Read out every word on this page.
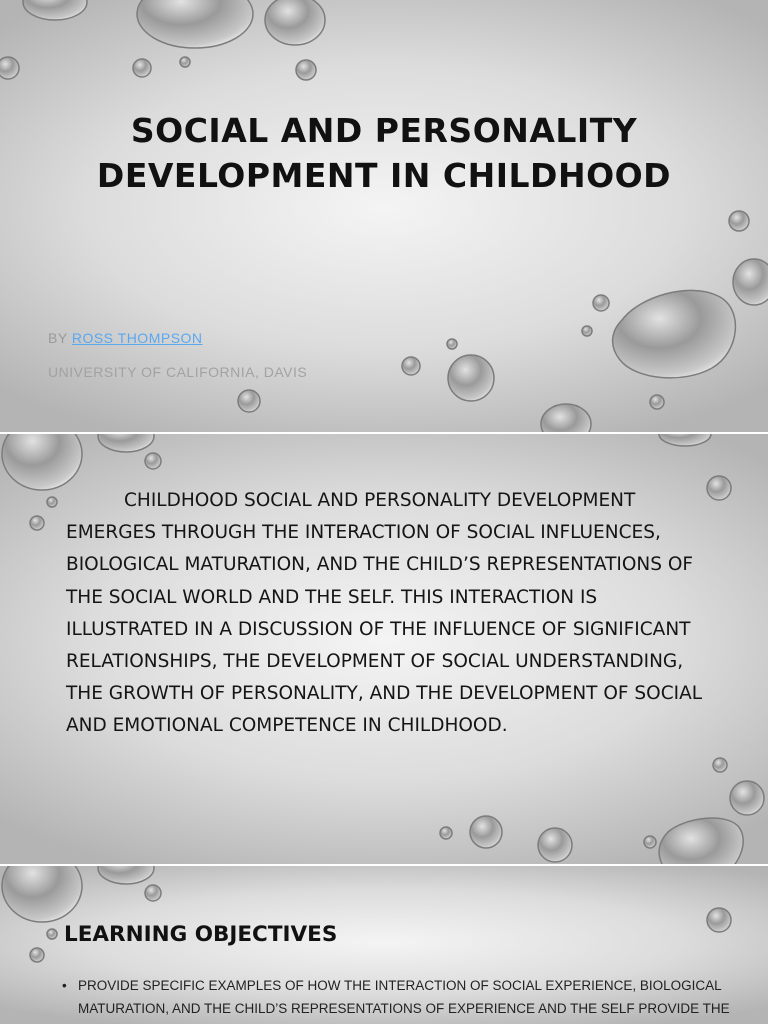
SOCIAL AND PERSONALITY DEVELOPMENT IN CHILDHOOD

BY ROSS THOMPSON

UNIVERSITY OF CALIFORNIA, DAVIS

CHILDHOOD SOCIAL AND PERSONALITY DEVELOPMENT EMERGES THROUGH THE INTERACTION OF SOCIAL INFLUENCES, BIOLOGICAL MATURATION, AND THE CHILD’S REPRESENTATIONS OF THE SOCIAL WORLD AND THE SELF. THIS INTERACTION IS ILLUSTRATED IN A DISCUSSION OF THE INFLUENCE OF SIGNIFICANT RELATIONSHIPS, THE DEVELOPMENT OF SOCIAL UNDERSTANDING, THE GROWTH OF PERSONALITY, AND THE DEVELOPMENT OF SOCIAL AND EMOTIONAL COMPETENCE IN CHILDHOOD.

LEARNING OBJECTIVES
• PROVIDE SPECIFIC EXAMPLES OF HOW THE INTERACTION OF SOCIAL EXPERIENCE, BIOLOGICAL MATURATION, AND THE CHILD’S REPRESENTATIONS OF EXPERIENCE AND THE SELF PROVIDE THE
